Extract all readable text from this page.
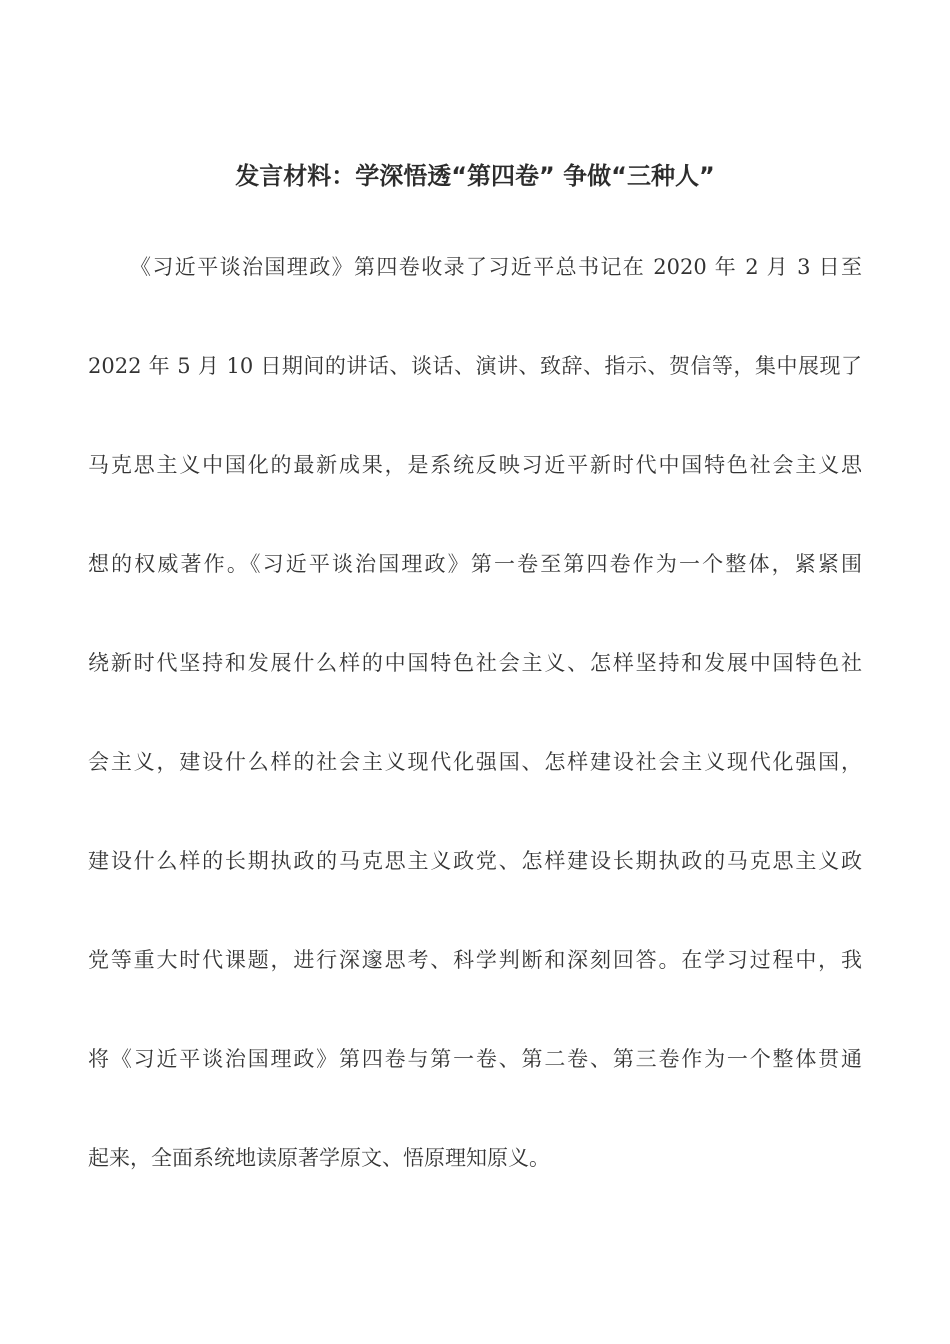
发言材料：学深悟透“第四卷” 争做“三种人”
《习近平谈治国理政》第四卷收录了习近平总书记在 2020 年 2 月 3 日至
2022 年 5 月 10 日期间的讲话、谈话、演讲、致辞、指示、贺信等，集中展现了
马克思主义中国化的最新成果，是系统反映习近平新时代中国特色社会主义思
想的权威著作。《习近平谈治国理政》第一卷至第四卷作为一个整体，紧紧围
绕新时代坚持和发展什么样的中国特色社会主义、怎样坚持和发展中国特色社
会主义，建设什么样的社会主义现代化强国、怎样建设社会主义现代化强国，
建设什么样的长期执政的马克思主义政党、怎样建设长期执政的马克思主义政
党等重大时代课题，进行深邃思考、科学判断和深刻回答。在学习过程中，我
将《习近平谈治国理政》第四卷与第一卷、第二卷、第三卷作为一个整体贯通
起来，全面系统地读原著学原文、悟原理知原义。
